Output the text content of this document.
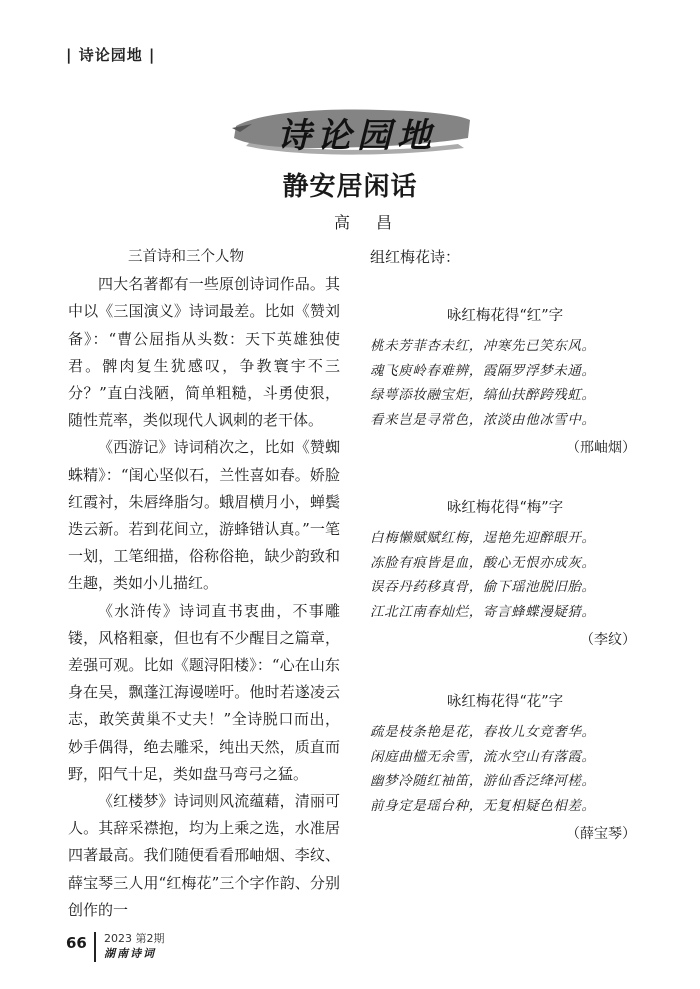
| 诗论园地 |
诗论园地
静安居闲话
高昌

三首诗和三个人物

四大名著都有一些原创诗词作品。其中以《三国演义》诗词最差。比如《赞刘备》：“曹公屈指从头数：天下英雄独使君。髀肉复生犹感叹，争教寰宇不三分？”直白浅陋，简单粗糙，斗勇使狠，随性荒率，类似现代人讽刺的老干体。

《西游记》诗词稍次之，比如《赞蜘蛛精》：“闺心坚似石，兰性喜如春。娇脸红霞衬，朱唇绛脂匀。蛾眉横月小，蝉鬓迭云新。若到花间立，游蜂错认真。”一笔一划，工笔细描，俗称俗艳，缺少韵致和生趣，类如小儿描红。

《水浒传》诗词直书衷曲，不事雕镂，风格粗豪，但也有不少醒目之篇章，差强可观。比如《题浔阳楼》：“心在山东身在吴，飘蓬江海谩嗟吁。他时若遂凌云志，敢笑黄巢不丈夫！”全诗脱口而出，妙手偶得，绝去雕采，纯出天然，质直而野，阳气十足，类如盘马弯弓之猛。

《红楼梦》诗词则风流蕴藉，清丽可人。其辞采襟抱，均为上乘之选，水准居四著最高。我们随便看看邢岫烟、李纹、薛宝琴三人用“红梅花”三个字作韵、分别创作的一

组红梅花诗：

咏红梅花得“红”字

桃未芳菲杏未红，冲寒先已笑东风。

魂飞庾岭春难辨，霞隔罗浮梦未通。

绿萼添妆融宝炬，缟仙扶醉跨残虹。

看来岂是寻常色，浓淡由他冰雪中。

（邢岫烟）

咏红梅花得“梅”字

白梅懒赋赋红梅，逞艳先迎醉眼开。

冻脸有痕皆是血，酸心无恨亦成灰。

误吞丹药移真骨，偷下瑶池脱旧胎。

江北江南春灿烂，寄言蜂蝶漫疑猜。

（李纹）

咏红梅花得“花”字

疏是枝条艳是花，春妆儿女竞奢华。

闲庭曲槛无余雪，流水空山有落霞。

幽梦冷随红袖笛，游仙香泛绛河槎。

前身定是瑶台种，无复相疑色相差。

（薛宝琴）
66 2023 第2期
湖南诗词
